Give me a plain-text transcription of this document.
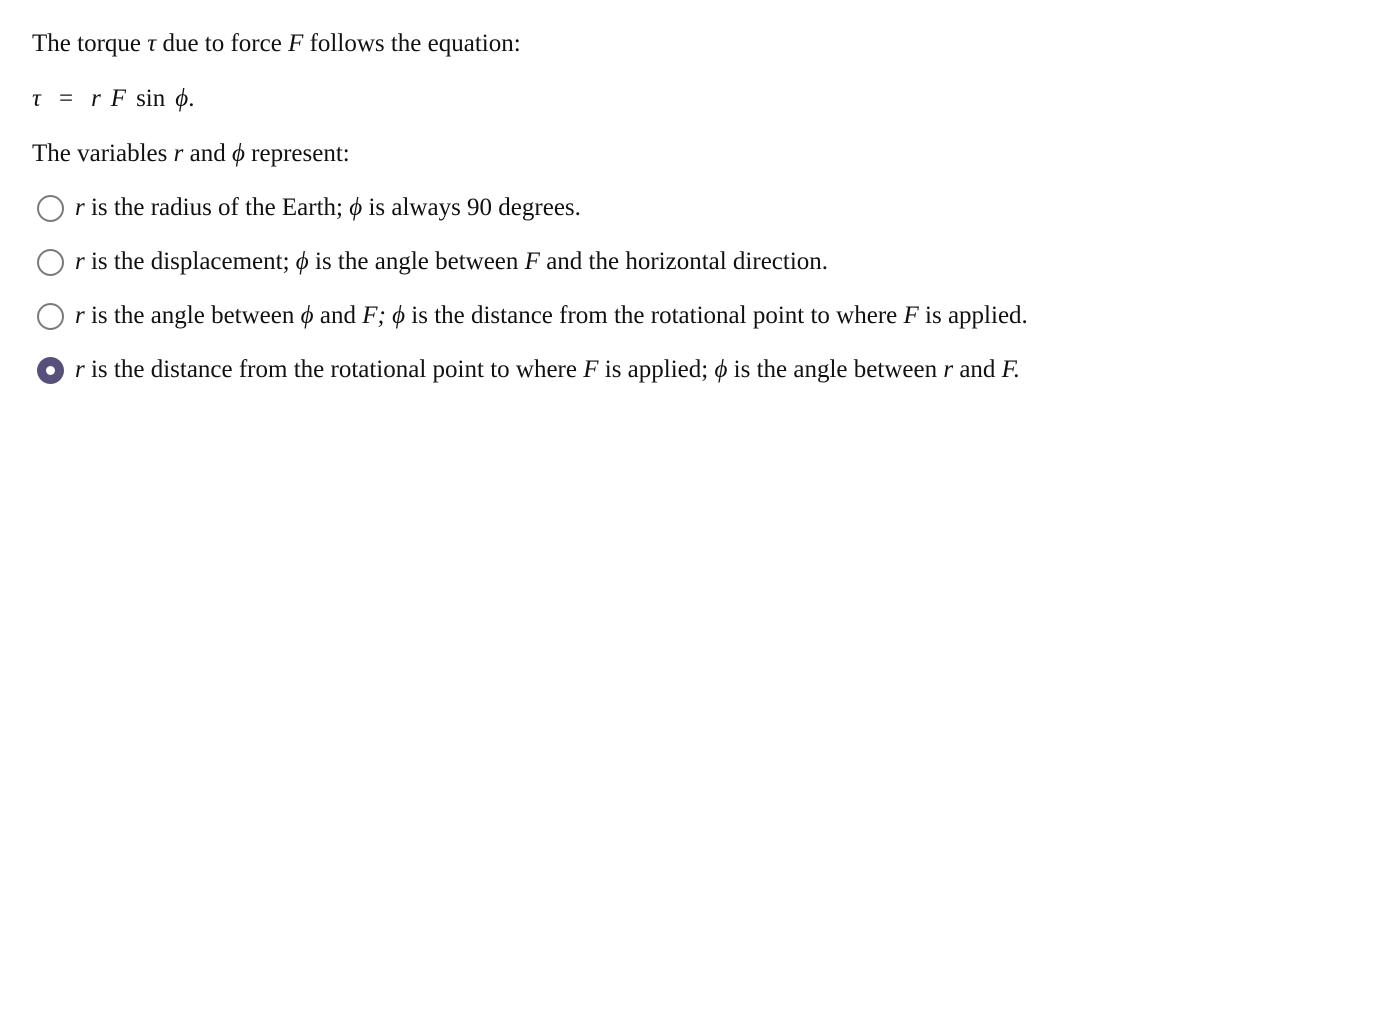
The torque τ due to force F follows the equation:
τ = r F sin ϕ.
The variables r and ϕ represent:
r is the radius of the Earth; ϕ is always 90 degrees.
r is the displacement; ϕ is the angle between F and the horizontal direction.
r is the angle between ϕ and F; ϕ is the distance from the rotational point to where F is applied.
r is the distance from the rotational point to where F is applied; ϕ is the angle between r and F.
